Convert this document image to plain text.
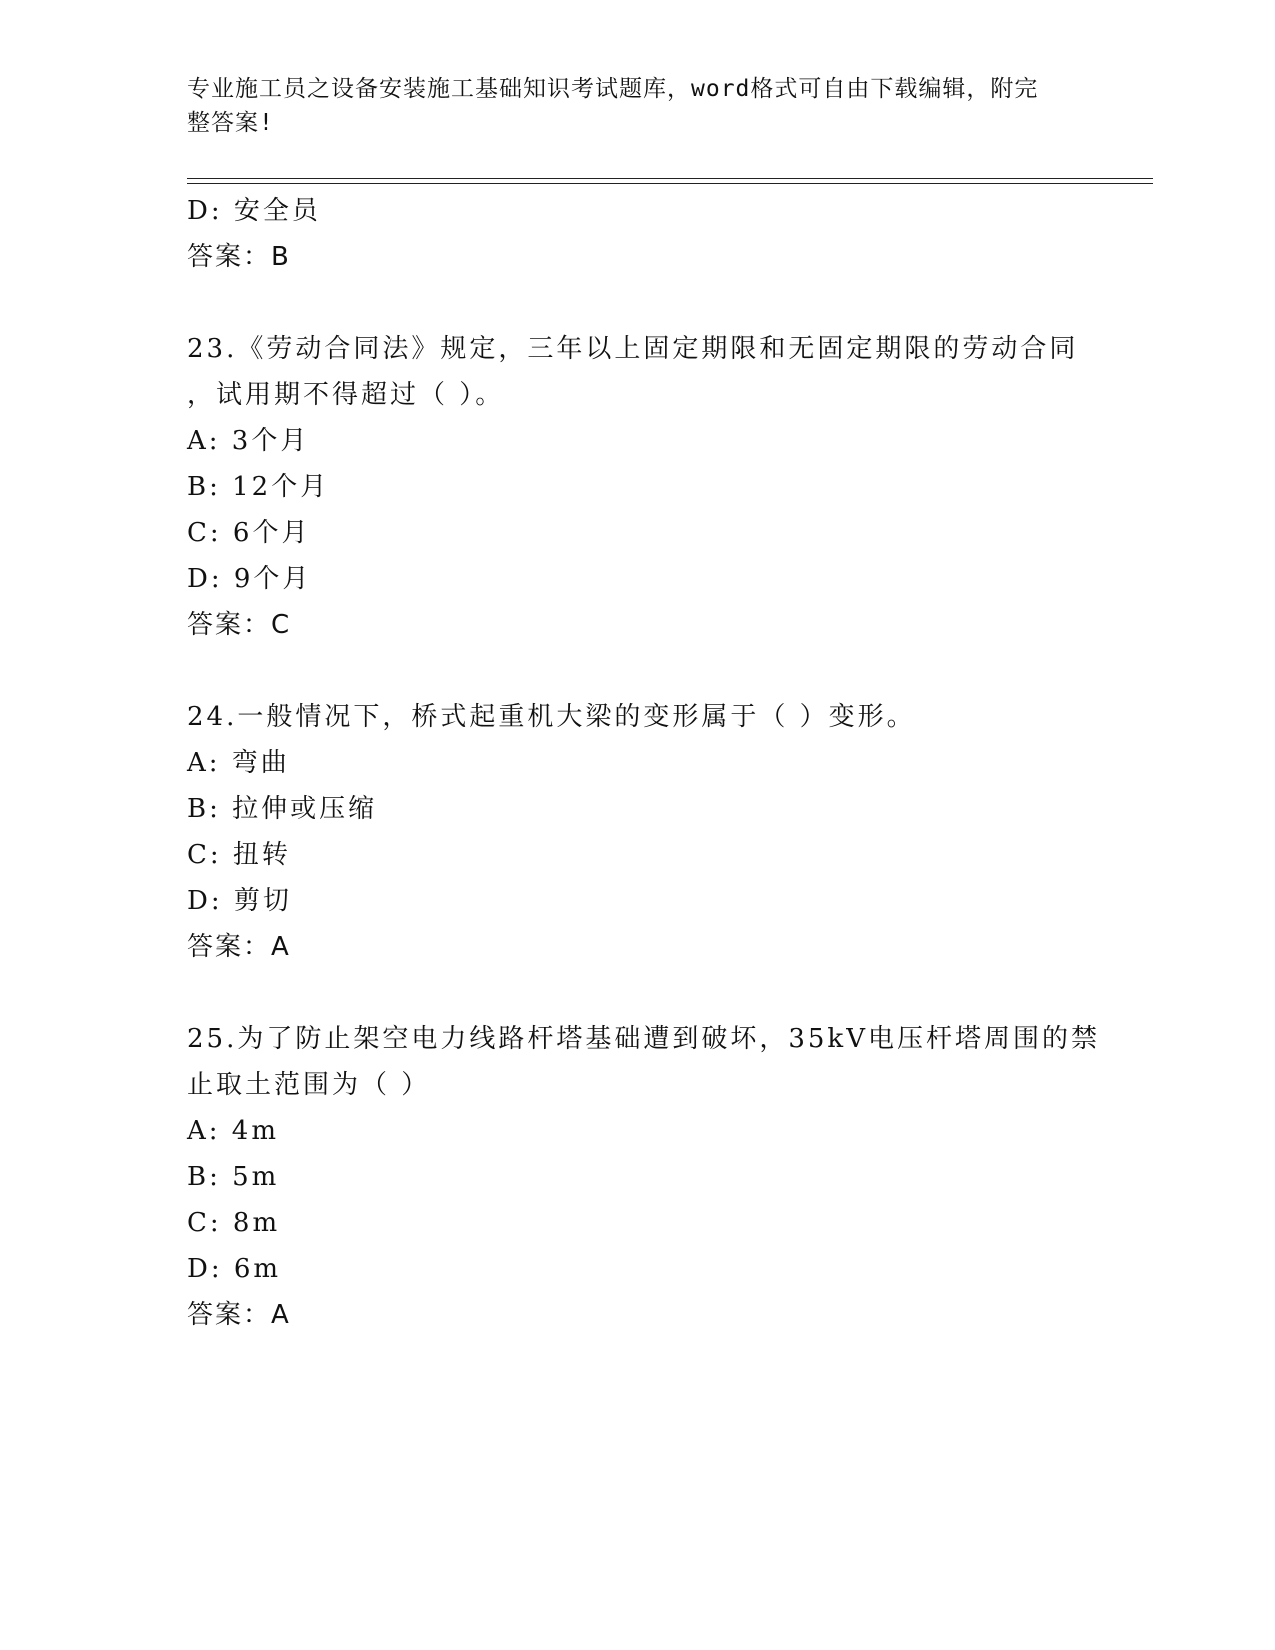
专业施工员之设备安装施工基础知识考试题库，word格式可自由下载编辑，附完
整答案!
D: 安全员
答案：B
23.《劳动合同法》规定，三年以上固定期限和无固定期限的劳动合同
，试用期不得超过（ ）。
A: 3个月
B: 12个月
C: 6个月
D: 9个月
答案：C
24.一般情况下，桥式起重机大梁的变形属于（ ）变形。
A: 弯曲
B: 拉伸或压缩
C: 扭转
D: 剪切
答案：A
25.为了防止架空电力线路杆塔基础遭到破坏，35kV电压杆塔周围的禁
止取土范围为（ ）
A: 4m
B: 5m
C: 8m
D: 6m
答案：A
